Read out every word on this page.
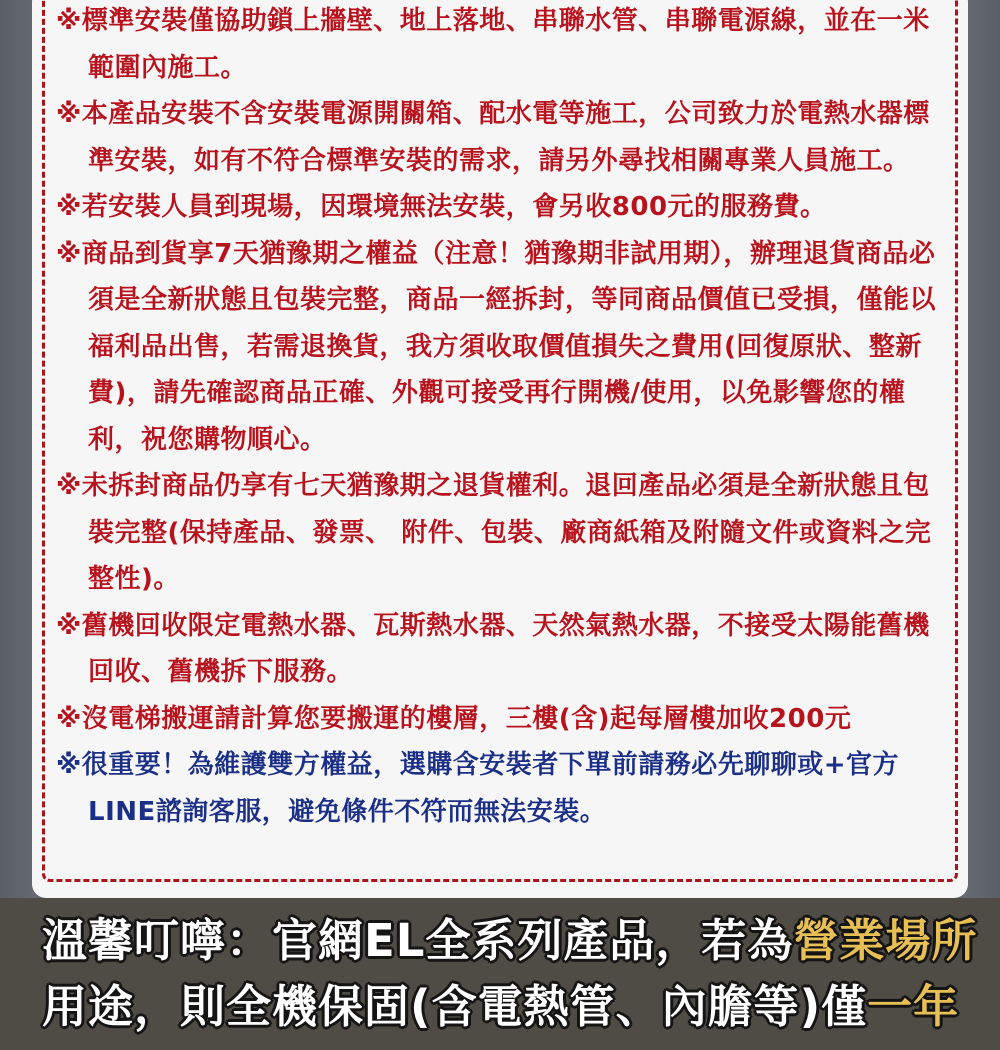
※標準安裝僅協助鎖上牆壁、地上落地、串聯水管、串聯電源線，並在一米範圍內施工。
※本產品安裝不含安裝電源開關箱、配水電等施工，公司致力於電熱水器標準安裝，如有不符合標準安裝的需求，請另外尋找相關專業人員施工。
※若安裝人員到現場，因環境無法安裝，會另收800元的服務費。
※商品到貨享7天猶豫期之權益（注意！猶豫期非試用期），辦理退貨商品必須是全新狀態且包裝完整，商品一經拆封，等同商品價值已受損，僅能以福利品出售，若需退換貨，我方須收取價值損失之費用(回復原狀、整新費)，請先確認商品正確、外觀可接受再行開機/使用，以免影響您的權利，祝您購物順心。
※未拆封商品仍享有七天猶豫期之退貨權利。退回產品必須是全新狀態且包裝完整(保持產品、發票、 附件、包裝、廠商紙箱及附隨文件或資料之完整性)。
※舊機回收限定電熱水器、瓦斯熱水器、天然氣熱水器，不接受太陽能舊機回收、舊機拆下服務。
※沒電梯搬運請計算您要搬運的樓層，三樓(含)起每層樓加收200元
※很重要！為維護雙方權益，選購含安裝者下單前請務必先聊聊或+官方LINE諮詢客服，避免條件不符而無法安裝。
溫馨叮嚀：官網EL全系列產品，若為營業場所
用途，則全機保固(含電熱管、內膽等)僅一年
